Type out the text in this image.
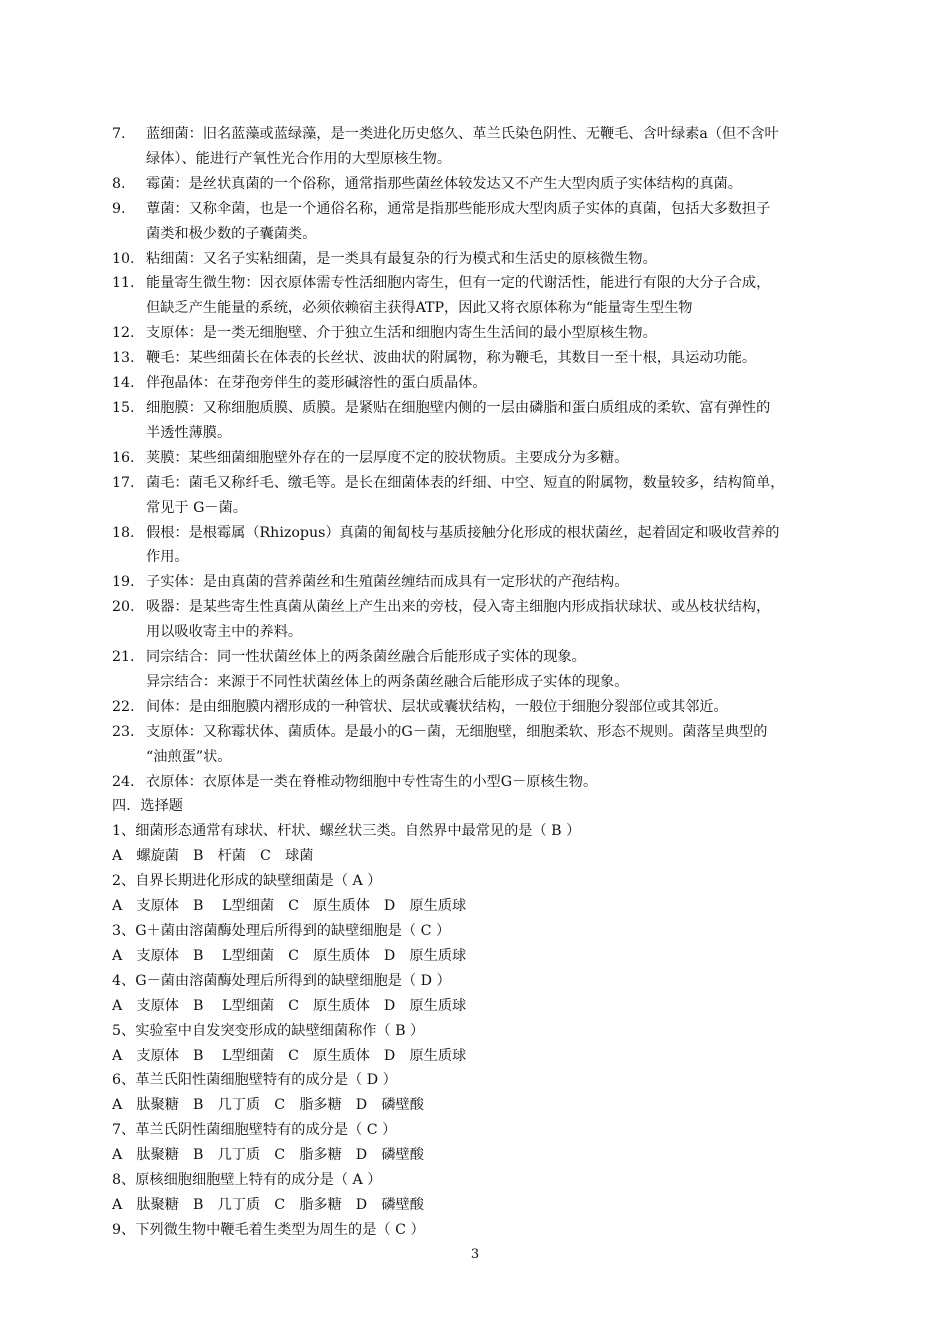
7.	蓝细菌：旧名蓝藻或蓝绿藻，是一类进化历史悠久、革兰氏染色阴性、无鞭毛、含叶绿素a（但不含叶
绿体）、能进行产氧性光合作用的大型原核生物。
8.	霉菌：是丝状真菌的一个俗称，通常指那些菌丝体较发达又不产生大型肉质子实体结构的真菌。
9.	蕈菌：又称伞菌，也是一个通俗名称，通常是指那些能形成大型肉质子实体的真菌，包括大多数担子
菌类和极少数的子囊菌类。
10. 粘细菌：又名子实粘细菌，是一类具有最复杂的行为模式和生活史的原核微生物。
11. 能量寄生微生物：因衣原体需专性活细胞内寄生，但有一定的代谢活性，能进行有限的大分子合成，
但缺乏产生能量的系统，必须依赖宿主获得ATP，因此又将衣原体称为“能量寄生型生物
12. 支原体：是一类无细胞壁、介于独立生活和细胞内寄生生活间的最小型原核生物。
13. 鞭毛：某些细菌长在体表的长丝状、波曲状的附属物，称为鞭毛，其数目一至十根，具运动功能。
14. 伴孢晶体：在芽孢旁伴生的菱形碱溶性的蛋白质晶体。
15. 细胞膜：又称细胞质膜、质膜。是紧贴在细胞壁内侧的一层由磷脂和蛋白质组成的柔软、富有弹性的
半透性薄膜。
16. 荚膜：某些细菌细胞壁外存在的一层厚度不定的胶状物质。主要成分为多糖。
17. 菌毛：菌毛又称纤毛、缴毛等。是长在细菌体表的纤细、中空、短直的附属物，数量较多，结构简单，
常见于 G－菌。
18. 假根：是根霉属（Rhizopus）真菌的匍匐枝与基质接触分化形成的根状菌丝，起着固定和吸收营养的
作用。
19. 子实体：是由真菌的营养菌丝和生殖菌丝缠结而成具有一定形状的产孢结构。
20. 吸器：是某些寄生性真菌从菌丝上产生出来的旁枝，侵入寄主细胞内形成指状球状、或丛枝状结构，
用以吸收寄主中的养料。
21. 同宗结合：同一性状菌丝体上的两条菌丝融合后能形成子实体的现象。
异宗结合：来源于不同性状菌丝体上的两条菌丝融合后能形成子实体的现象。
22. 间体：是由细胞膜内褶形成的一种管状、层状或囊状结构，一般位于细胞分裂部位或其邻近。
23. 支原体：又称霉状体、菌质体。是最小的G－菌，无细胞壁，细胞柔软、形态不规则。菌落呈典型的
“油煎蛋”状。
24. 衣原体：衣原体是一类在脊椎动物细胞中专性寄生的小型G－原核生物。
四．选择题
1、细菌形态通常有球状、杆状、螺丝状三类。自然界中最常见的是（ B ）
A　螺旋菌 B　杆菌 C　球菌
2、自界长期进化形成的缺壁细菌是（ A ）
A　支原体 B　 L型细菌 C　原生质体 D　原生质球
3、G＋菌由溶菌酶处理后所得到的缺壁细胞是（ C ）
A　支原体 B　 L型细菌 C　原生质体 D　原生质球
4、G－菌由溶菌酶处理后所得到的缺壁细胞是（ D ）
A　支原体 B　 L型细菌 C　原生质体 D　原生质球
5、实验室中自发突变形成的缺壁细菌称作（ B ）
A　支原体 B　 L型细菌 C　原生质体 D　原生质球
6、革兰氏阳性菌细胞壁特有的成分是（ D ）
A　肽聚糖 B　几丁质 C　脂多糖 D　磷壁酸
7、革兰氏阴性菌细胞壁特有的成分是（ C ）
A　肽聚糖 B　几丁质 C　脂多糖 D　磷壁酸
8、原核细胞细胞壁上特有的成分是（ A ）
A　肽聚糖 B　几丁质 C　脂多糖 D　磷壁酸
9、下列微生物中鞭毛着生类型为周生的是（ C ）
3
